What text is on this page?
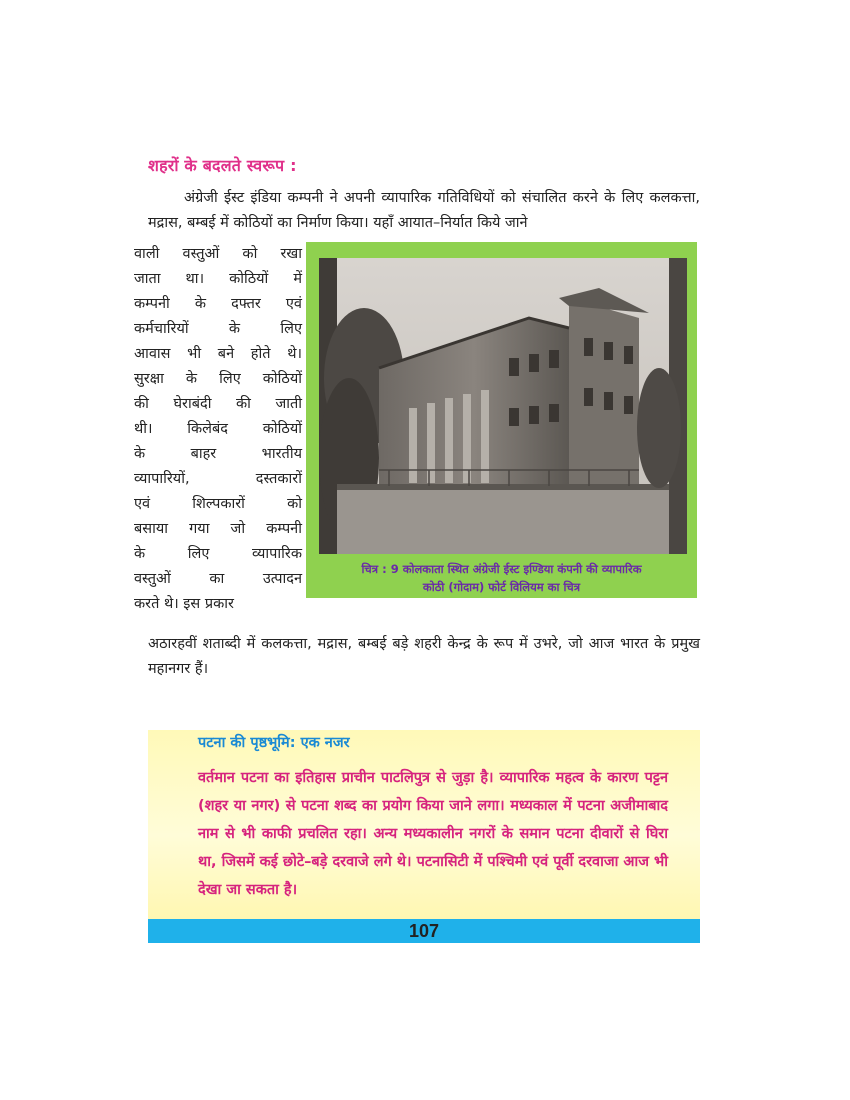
शहरों के बदलते स्वरूप :
अंग्रेजी ईस्ट इंडिया कम्पनी ने अपनी व्यापारिक गतिविधियों को संचालित करने के लिए कलकत्ता, मद्रास, बम्बई में कोठियों का निर्माण किया। यहाँ आयात–निर्यात किये जाने
वाली वस्तुओं को रखा
जाता था। कोठियों में
कम्पनी के दफ्तर एवं
कर्मचारियों के लिए
आवास भी बने होते थे।
सुरक्षा के लिए कोठियों
की घेराबंदी की जाती
थी। किलेबंद कोठियों
के बाहर भारतीय
व्यापारियों, दस्तकारों
एवं शिल्पकारों को
बसाया गया जो कम्पनी
के लिए व्यापारिक
वस्तुओं का उत्पादन
करते थे। इस प्रकार
चित्र : 9 कोलकाता स्थित अंग्रेजी ईस्ट इण्डिया कंपनी की व्यापारिक
कोठी (गोदाम) फोर्ट विलियम का चित्र
अठारहवीं शताब्दी में कलकत्ता, मद्रास, बम्बई बड़े शहरी केन्द्र के रूप में उभरे, जो आज भारत के प्रमुख महानगर हैं।
पटना की पृष्ठभूमि: एक नजर
वर्तमान पटना का इतिहास प्राचीन पाटलिपुत्र से जुड़ा है। व्यापारिक महत्व के कारण पट्टन (शहर या नगर) से पटना शब्द का प्रयोग किया जाने लगा। मध्यकाल में पटना अजीमाबाद नाम से भी काफी प्रचलित रहा। अन्य मध्यकालीन नगरों के समान पटना दीवारों से घिरा था, जिसमें कई छोटे–बड़े दरवाजे लगे थे। पटनासिटी में पश्चिमी एवं पूर्वी दरवाजा आज भी देखा जा सकता है।
107
